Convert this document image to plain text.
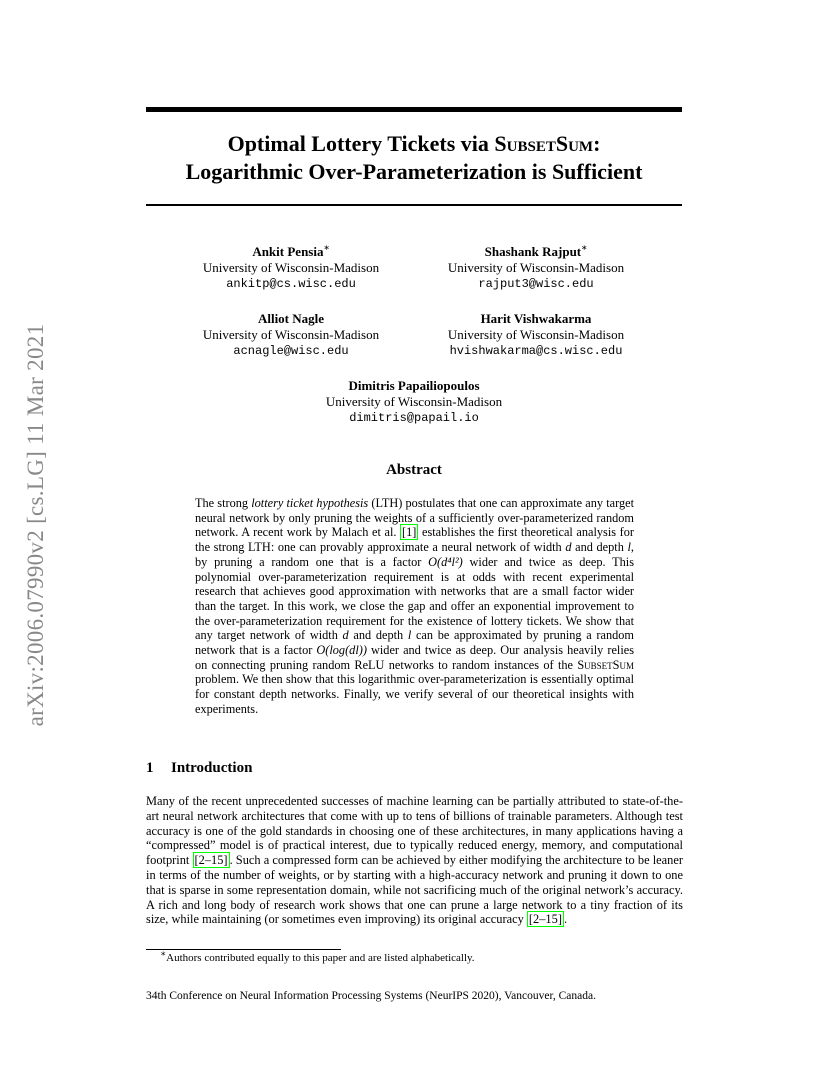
arXiv:2006.07990v2 [cs.LG] 11 Mar 2021
Optimal Lottery Tickets via SubsetSum:
Logarithmic Over-Parameterization is Sufficient
Ankit Pensia∗
University of Wisconsin-Madison
ankitp@cs.wisc.edu
Shashank Rajput∗
University of Wisconsin-Madison
rajput3@wisc.edu
Alliot Nagle
University of Wisconsin-Madison
acnagle@wisc.edu
Harit Vishwakarma
University of Wisconsin-Madison
hvishwakarma@cs.wisc.edu
Dimitris Papailiopoulos
University of Wisconsin-Madison
dimitris@papail.io
Abstract
The strong lottery ticket hypothesis (LTH) postulates that one can approximate any target neural network by only pruning the weights of a sufficiently over-parameterized random network. A recent work by Malach et al. [1] establishes the first theoretical analysis for the strong LTH: one can provably approximate a neural network of width d and depth l, by pruning a random one that is a factor O(d⁴l²) wider and twice as deep. This polynomial over-parameterization requirement is at odds with recent experimental research that achieves good approximation with networks that are a small factor wider than the target. In this work, we close the gap and offer an exponential improvement to the over-parameterization requirement for the existence of lottery tickets. We show that any target network of width d and depth l can be approximated by pruning a random network that is a factor O(log(dl)) wider and twice as deep. Our analysis heavily relies on connecting pruning random ReLU networks to random instances of the SubsetSum problem. We then show that this logarithmic over-parameterization is essentially optimal for constant depth networks. Finally, we verify several of our theoretical insights with experiments.
1 Introduction
Many of the recent unprecedented successes of machine learning can be partially attributed to state-of-the-art neural network architectures that come with up to tens of billions of trainable parameters. Although test accuracy is one of the gold standards in choosing one of these architectures, in many applications having a “compressed” model is of practical interest, due to typically reduced energy, memory, and computational footprint [2–15] . Such a compressed form can be achieved by either modifying the architecture to be leaner in terms of the number of weights, or by starting with a high-accuracy network and pruning it down to one that is sparse in some representation domain, while not sacrificing much of the original network’s accuracy. A rich and long body of research work shows that one can prune a large network to a tiny fraction of its size, while maintaining (or sometimes even improving) its original accuracy [2–15] .
∗Authors contributed equally to this paper and are listed alphabetically.
34th Conference on Neural Information Processing Systems (NeurIPS 2020), Vancouver, Canada.
